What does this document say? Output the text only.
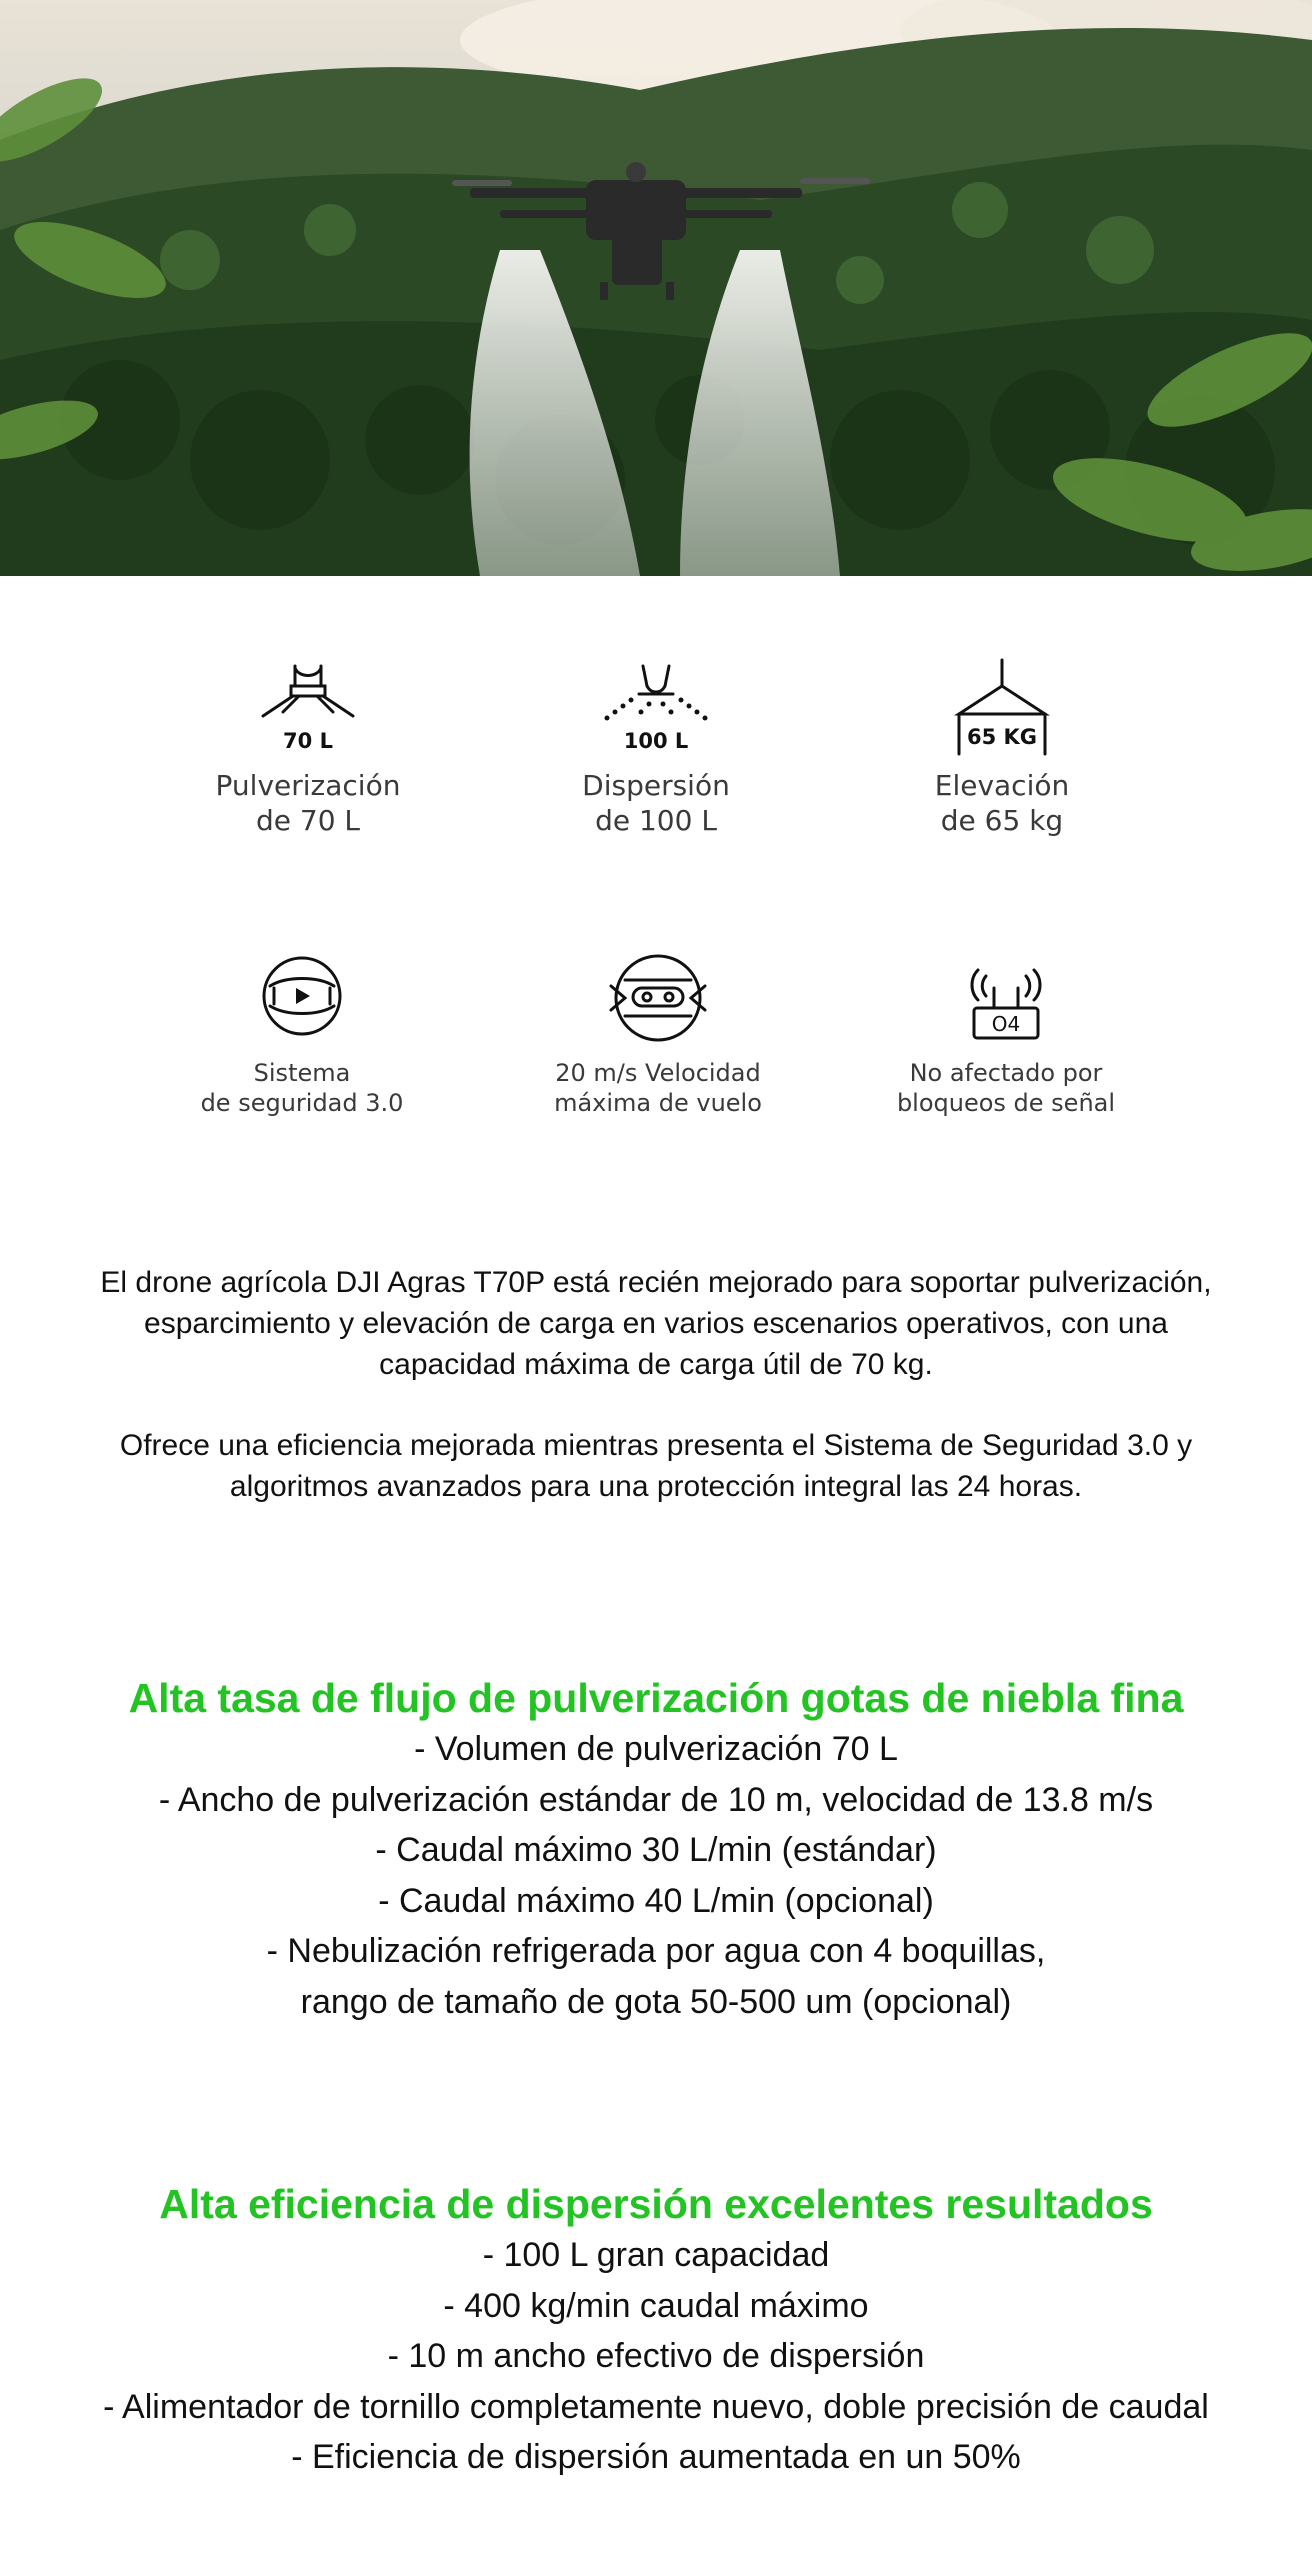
70 L
Pulverización
de 70 L
100 L
Dispersión
de 100 L
65 KG
Elevación
de 65 kg
Sistema
de seguridad 3.0
20 m/s Velocidad
máxima de vuelo
O4
No afectado por
bloqueos de señal

El drone agrícola DJI Agras T70P está recién mejorado para soportar pulverización,
esparcimiento y elevación de carga en varios escenarios operativos, con una
capacidad máxima de carga útil de 70 kg.

Ofrece una eficiencia mejorada mientras presenta el Sistema de Seguridad 3.0 y
algoritmos avanzados para una protección integral las 24 horas.

Alta tasa de flujo de pulverización gotas de niebla fina
- Volumen de pulverización 70 L
- Ancho de pulverización estándar de 10 m, velocidad de 13.8 m/s
- Caudal máximo 30 L/min (estándar)
- Caudal máximo 40 L/min (opcional)
- Nebulización refrigerada por agua con 4 boquillas,
rango de tamaño de gota 50-500 um (opcional)
Alta eficiencia de dispersión excelentes resultados
- 100 L gran capacidad
- 400 kg/min caudal máximo
- 10 m ancho efectivo de dispersión
- Alimentador de tornillo completamente nuevo, doble precisión de caudal
- Eficiencia de dispersión aumentada en un 50%
